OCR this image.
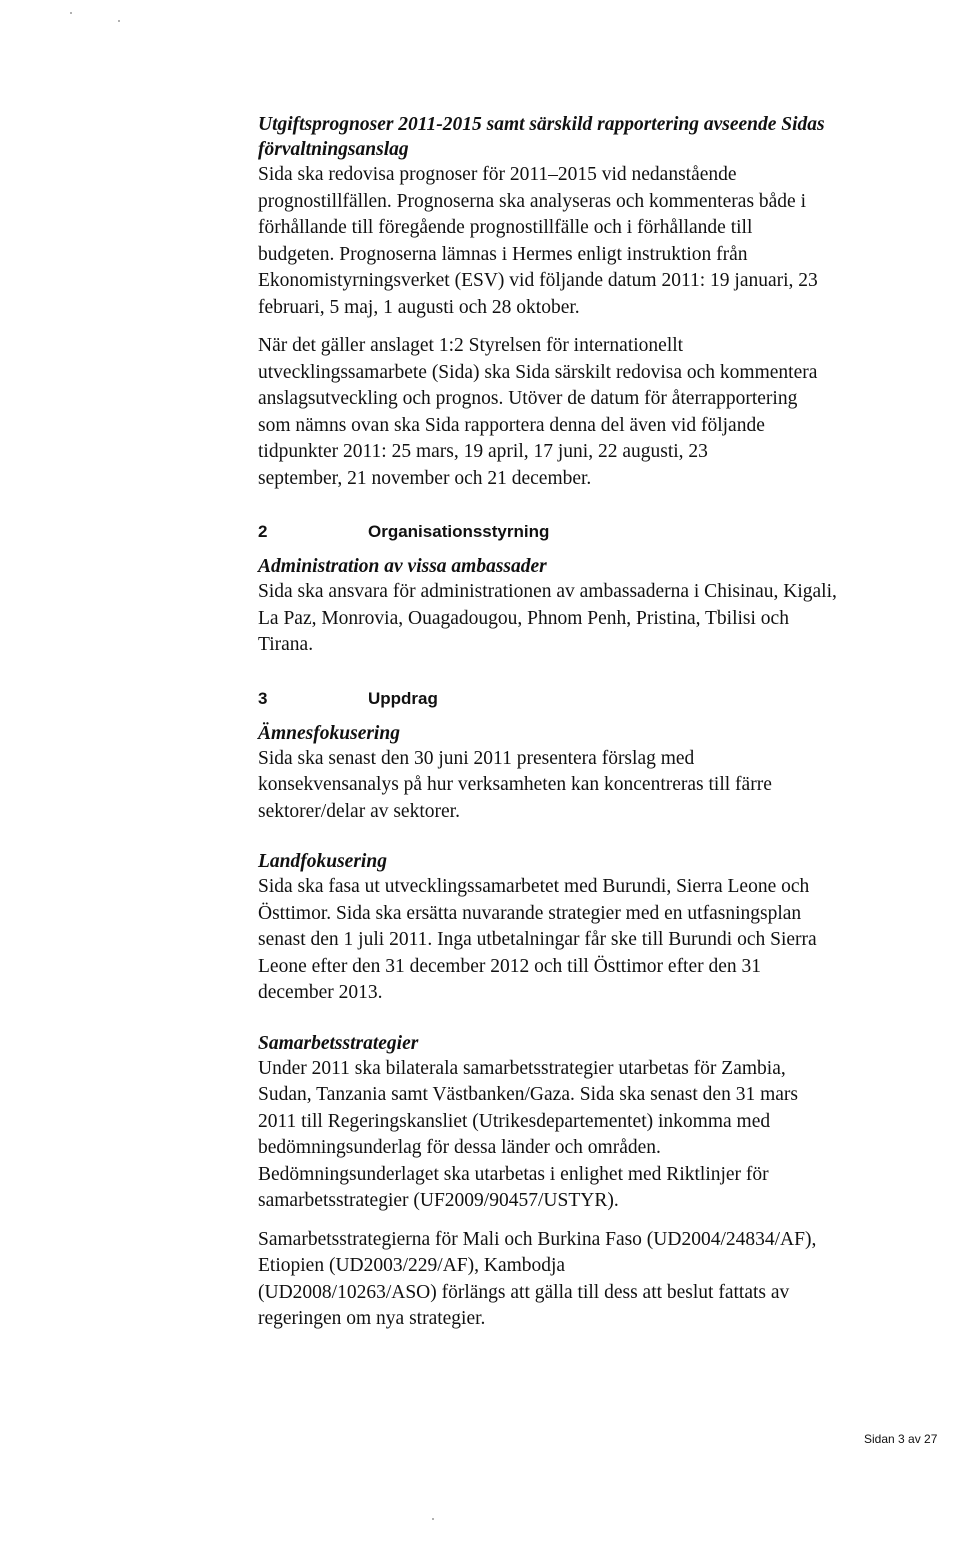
Utgiftsprognoser 2011-2015 samt särskild rapportering avseende Sidas förvaltningsanslag

Sida ska redovisa prognoser för 2011–2015 vid nedanstående
prognostillfällen. Prognoserna ska analyseras och kommenteras både i
förhållande till föregående prognostillfälle och i förhållande till
budgeten. Prognoserna lämnas i Hermes enligt instruktion från
Ekonomistyrningsverket (ESV) vid följande datum 2011: 19 januari, 23
februari, 5 maj, 1 augusti och 28 oktober.

När det gäller anslaget 1:2 Styrelsen för internationellt
utvecklingssamarbete (Sida) ska Sida särskilt redovisa och kommentera
anslagsutveckling och prognos. Utöver de datum för återrapportering
som nämns ovan ska Sida rapportera denna del även vid följande
tidpunkter 2011: 25 mars, 19 april, 17 juni, 22 augusti, 23
september, 21 november och 21 december.

2	Organisationsstyrning

Administration av vissa ambassader

Sida ska ansvara för administrationen av ambassaderna i Chisinau, Kigali,
La Paz, Monrovia, Ouagadougou, Phnom Penh, Pristina, Tbilisi och
Tirana.

3	Uppdrag

Ämnesfokusering

Sida ska senast den 30 juni 2011 presentera förslag med
konsekvensanalys på hur verksamheten kan koncentreras till färre
sektorer/delar av sektorer.

Landfokusering

Sida ska fasa ut utvecklingssamarbetet med Burundi, Sierra Leone och
Östtimor. Sida ska ersätta nuvarande strategier med en utfasningsplan
senast den 1 juli 2011. Inga utbetalningar får ske till Burundi och Sierra
Leone efter den 31 december 2012 och till Östtimor efter den 31
december 2013.

Samarbetsstrategier

Under 2011 ska bilaterala samarbetsstrategier utarbetas för Zambia,
Sudan, Tanzania samt Västbanken/Gaza. Sida ska senast den 31 mars
2011 till Regeringskansliet (Utrikesdepartementet) inkomma med
bedömningsunderlag för dessa länder och områden.
Bedömningsunderlaget ska utarbetas i enlighet med Riktlinjer för
samarbetsstrategier (UF2009/90457/USTYR).

Samarbetsstrategierna för Mali och Burkina Faso (UD2004/24834/AF),
Etiopien (UD2003/229/AF), Kambodja
(UD2008/10263/ASO) förlängs att gälla till dess att beslut fattats av
regeringen om nya strategier.

Sidan 3 av 27
